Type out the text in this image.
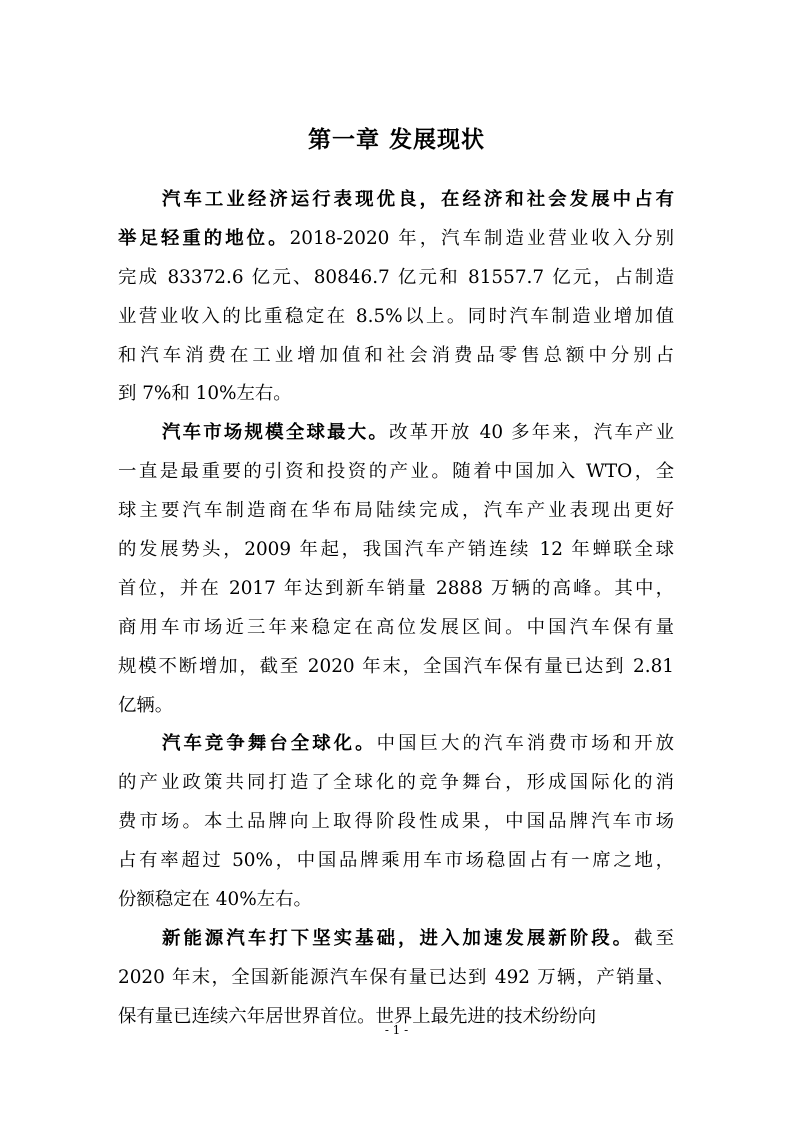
第一章 发展现状
汽车工业经济运行表现优良，在经济和社会发展中占有
举足轻重的地位。2018-2020 年，汽车制造业营业收入分别
完成 83372.6 亿元、80846.7 亿元和 81557.7 亿元，占制造
业营业收入的比重稳定在 8.5%以上。同时汽车制造业增加值
和汽车消费在工业增加值和社会消费品零售总额中分别占
到 7%和 10%左右。
汽车市场规模全球最大。改革开放 40 多年来，汽车产业
一直是最重要的引资和投资的产业。随着中国加入 WTO，全
球主要汽车制造商在华布局陆续完成，汽车产业表现出更好
的发展势头，2009 年起，我国汽车产销连续 12 年蝉联全球
首位，并在 2017 年达到新车销量 2888 万辆的高峰。其中，
商用车市场近三年来稳定在高位发展区间。中国汽车保有量
规模不断增加，截至 2020 年末，全国汽车保有量已达到 2.81
亿辆。
汽车竞争舞台全球化。中国巨大的汽车消费市场和开放
的产业政策共同打造了全球化的竞争舞台，形成国际化的消
费市场。本土品牌向上取得阶段性成果，中国品牌汽车市场
占有率超过 50%，中国品牌乘用车市场稳固占有一席之地，
份额稳定在 40%左右。
新能源汽车打下坚实基础，进入加速发展新阶段。截至
2020 年末，全国新能源汽车保有量已达到 492 万辆，产销量、
保有量已连续六年居世界首位。世界上最先进的技术纷纷向
- 1 -
